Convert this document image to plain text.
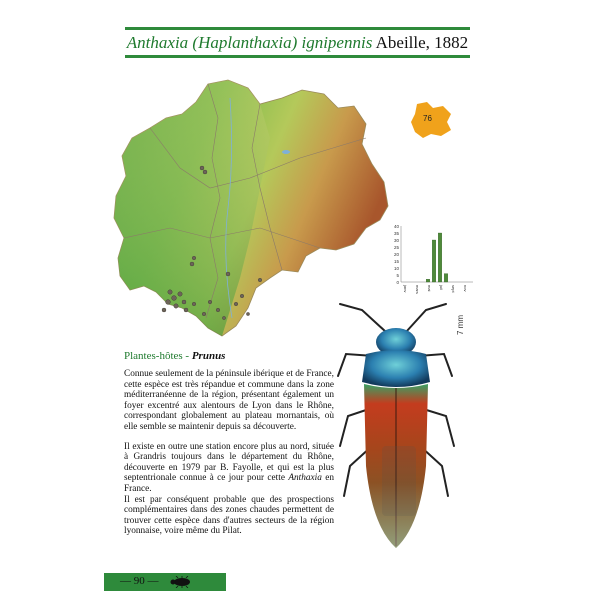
Anthaxia (Haplanthaxia) ignipennis Abeille, 1882
76
40
35
30
25
20
15
10
5
0
janv mars mai juil sept nov
7 mm
Plantes-hôtes - Prunus

Connue seulement de la péninsule ibérique et de France, cette espèce est très répandue et commune dans la zone méditerranéenne de la région, présentant également un foyer excentré aux alentours de Lyon dans le Rhône, correspondant globalement au plateau mornantais, où elle semble se maintenir depuis sa découverte.

Il existe en outre une station encore plus au nord, située à Grandris toujours dans le département du Rhône, découverte en 1979 par B. Fayolle, et qui est la plus septentrionale connue à ce jour pour cette Anthaxia en France.

Il est par conséquent probable que des prospections complémentaires dans des zones chaudes permettent de trouver cette espèce dans d'autres secteurs de la région lyonnaise, voire même du Pilat.

— 90 —
